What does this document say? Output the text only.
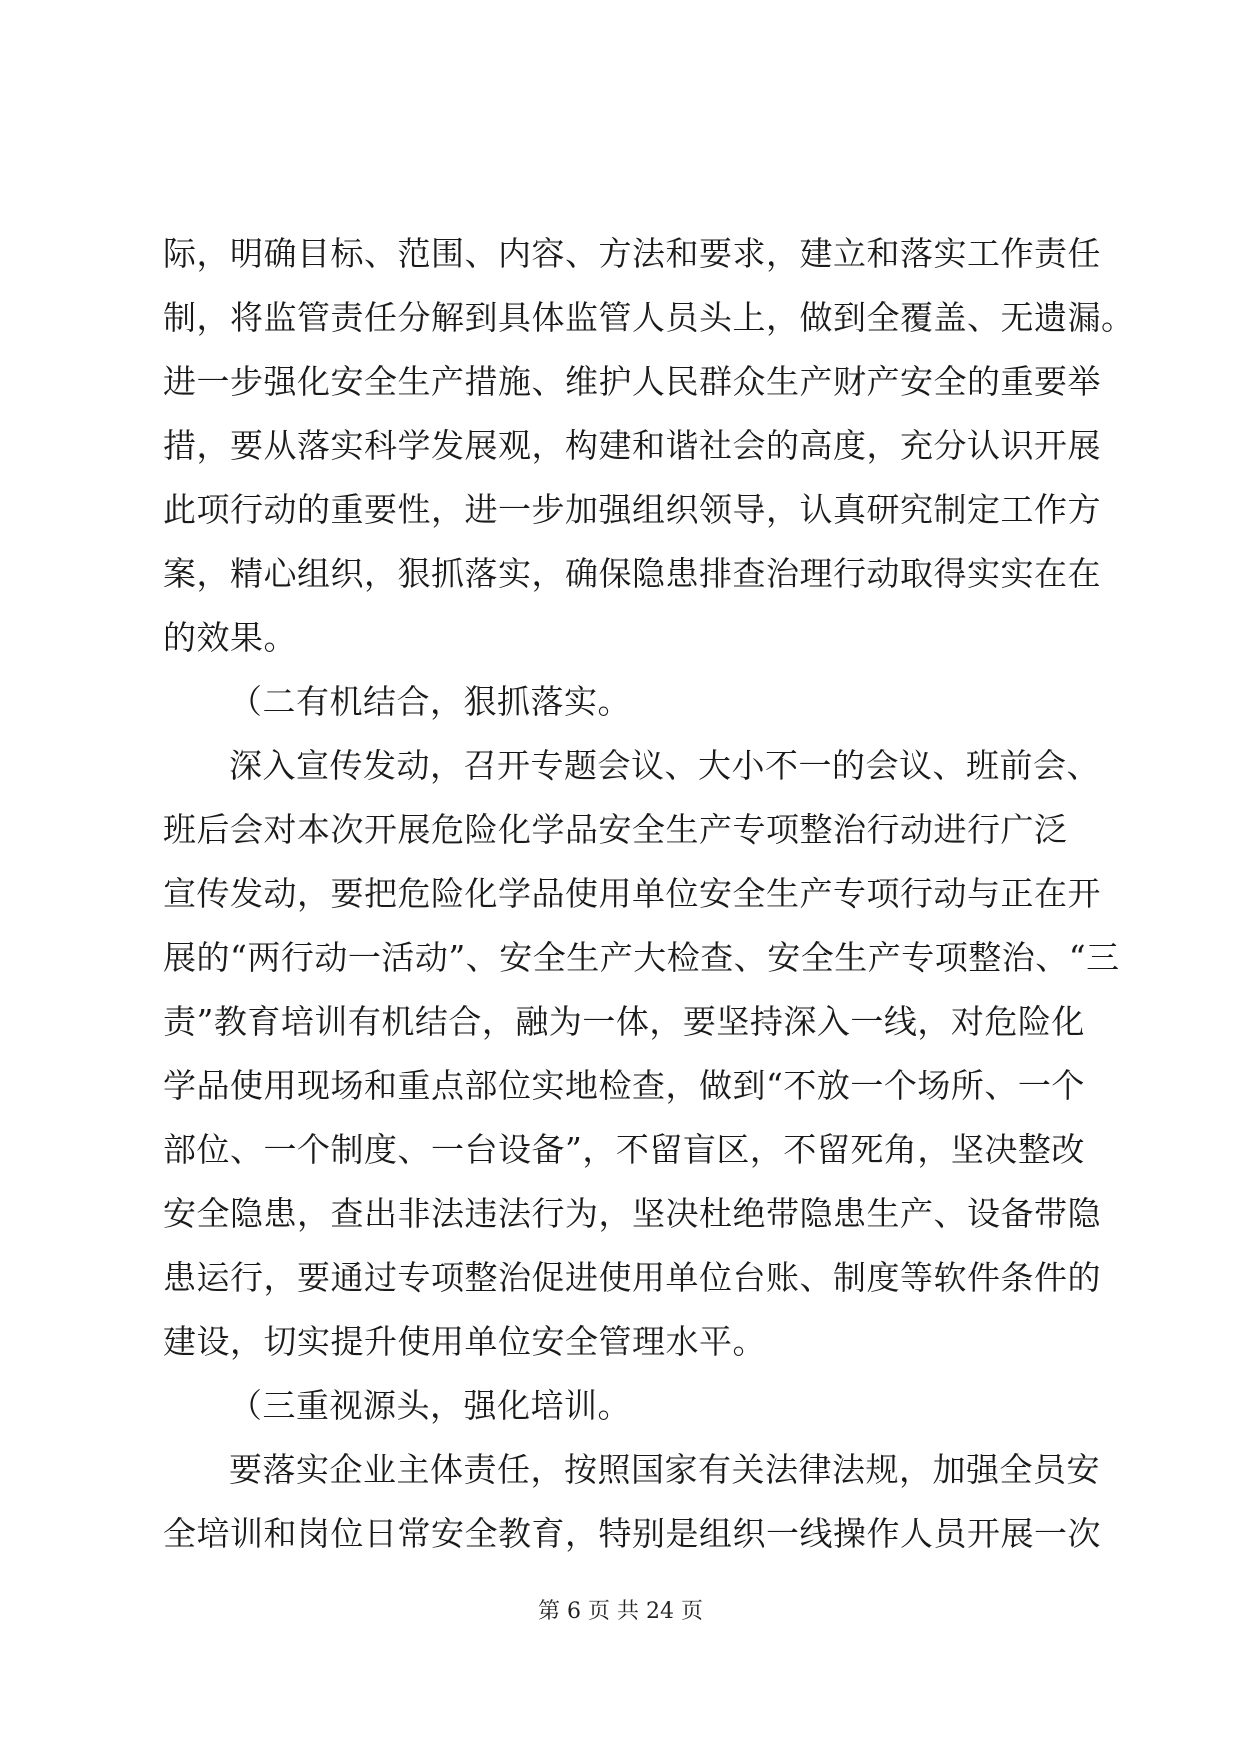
际，明确目标、范围、内容、方法和要求，建立和落实工作责任
制，将监管责任分解到具体监管人员头上，做到全覆盖、无遗漏。
进一步强化安全生产措施、维护人民群众生产财产安全的重要举
措，要从落实科学发展观，构建和谐社会的高度，充分认识开展
此项行动的重要性，进一步加强组织领导，认真研究制定工作方
案，精心组织，狠抓落实，确保隐患排查治理行动取得实实在在
的效果。
（二有机结合，狠抓落实。
深入宣传发动，召开专题会议、大小不一的会议、班前会、
班后会对本次开展危险化学品安全生产专项整治行动进行广泛
宣传发动，要把危险化学品使用单位安全生产专项行动与正在开
展的“两行动一活动”、安全生产大检查、安全生产专项整治、“三
责”教育培训有机结合，融为一体，要坚持深入一线，对危险化
学品使用现场和重点部位实地检查，做到“不放一个场所、一个
部位、一个制度、一台设备”，不留盲区，不留死角，坚决整改
安全隐患，查出非法违法行为，坚决杜绝带隐患生产、设备带隐
患运行，要通过专项整治促进使用单位台账、制度等软件条件的
建设，切实提升使用单位安全管理水平。
（三重视源头，强化培训。
要落实企业主体责任，按照国家有关法律法规，加强全员安
全培训和岗位日常安全教育，特别是组织一线操作人员开展一次
第 6 页 共 24 页
